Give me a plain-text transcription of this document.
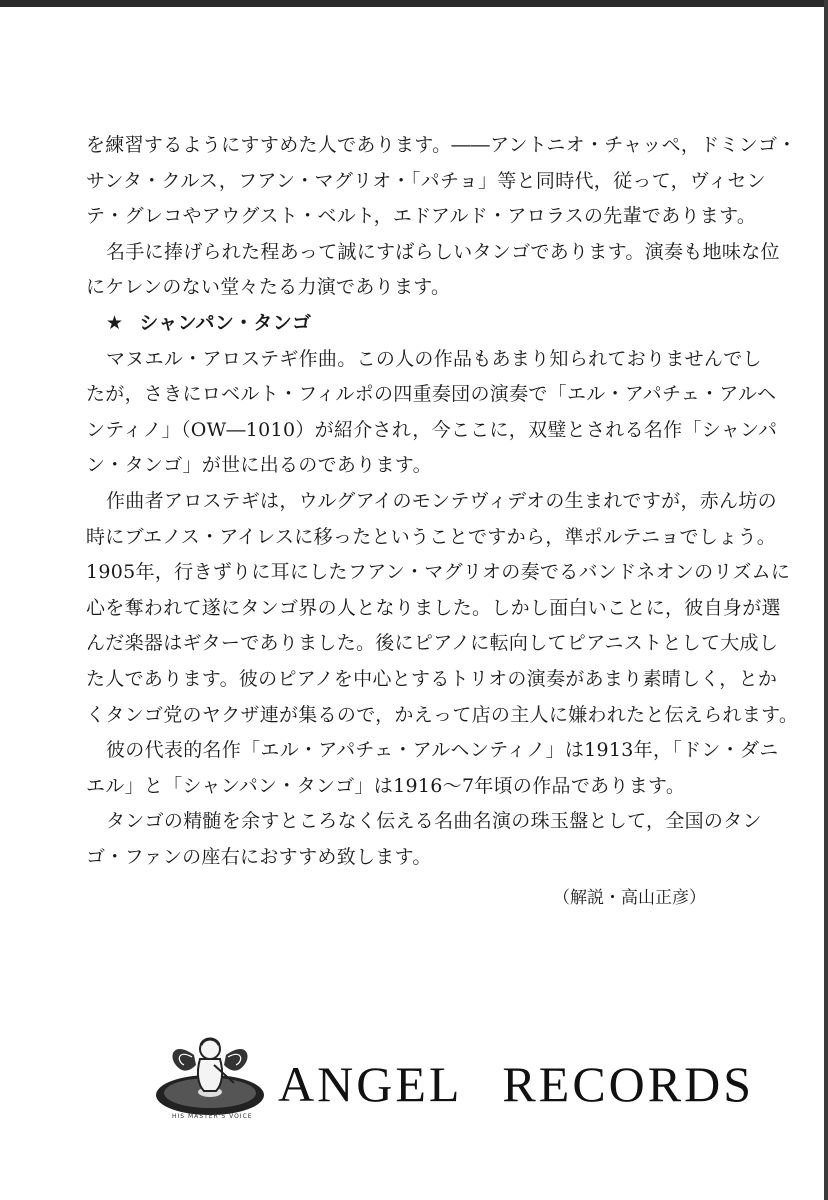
を練習するようにすすめた人であります。――アントニオ・チャッペ，ドミンゴ・
サンタ・クルス，フアン・マグリオ・「パチョ」等と同時代，従って，ヴィセン
テ・グレコやアウグスト・ベルト，エドアルド・アロラスの先輩であります。
名手に捧げられた程あって誠にすばらしいタンゴであります。演奏も地味な位
にケレンのない堂々たる力演であります。
★ シャンパン・タンゴ
マヌエル・アロステギ作曲。この人の作品もあまり知られておりませんでし
たが，さきにロベルト・フィルポの四重奏団の演奏で「エル・アパチェ・アルヘ
ンティノ」（OW―1010）が紹介され，今ここに，双璧とされる名作「シャンパ
ン・タンゴ」が世に出るのであります。
作曲者アロステギは，ウルグアイのモンテヴィデオの生まれですが，赤ん坊の
時にブエノス・アイレスに移ったということですから，準ポルテニョでしょう。
1905年，行きずりに耳にしたフアン・マグリオの奏でるバンドネオンのリズムに
心を奪われて遂にタンゴ界の人となりました。しかし面白いことに，彼自身が選
んだ楽器はギターでありました。後にピアノに転向してピアニストとして大成し
た人であります。彼のピアノを中心とするトリオの演奏があまり素晴しく，とか
くタンゴ党のヤクザ連が集るので，かえって店の主人に嫌われたと伝えられます。
彼の代表的名作「エル・アパチェ・アルヘンティノ」は1913年，「ドン・ダニ
エル」と「シャンパン・タンゴ」は1916～7年頃の作品であります。
タンゴの精髄を余すところなく伝える名曲名演の珠玉盤として，全国のタン
ゴ・ファンの座右におすすめ致します。
（解説・高山正彦）
HIS MASTER'S VOICE
ANGEL RECORDS
